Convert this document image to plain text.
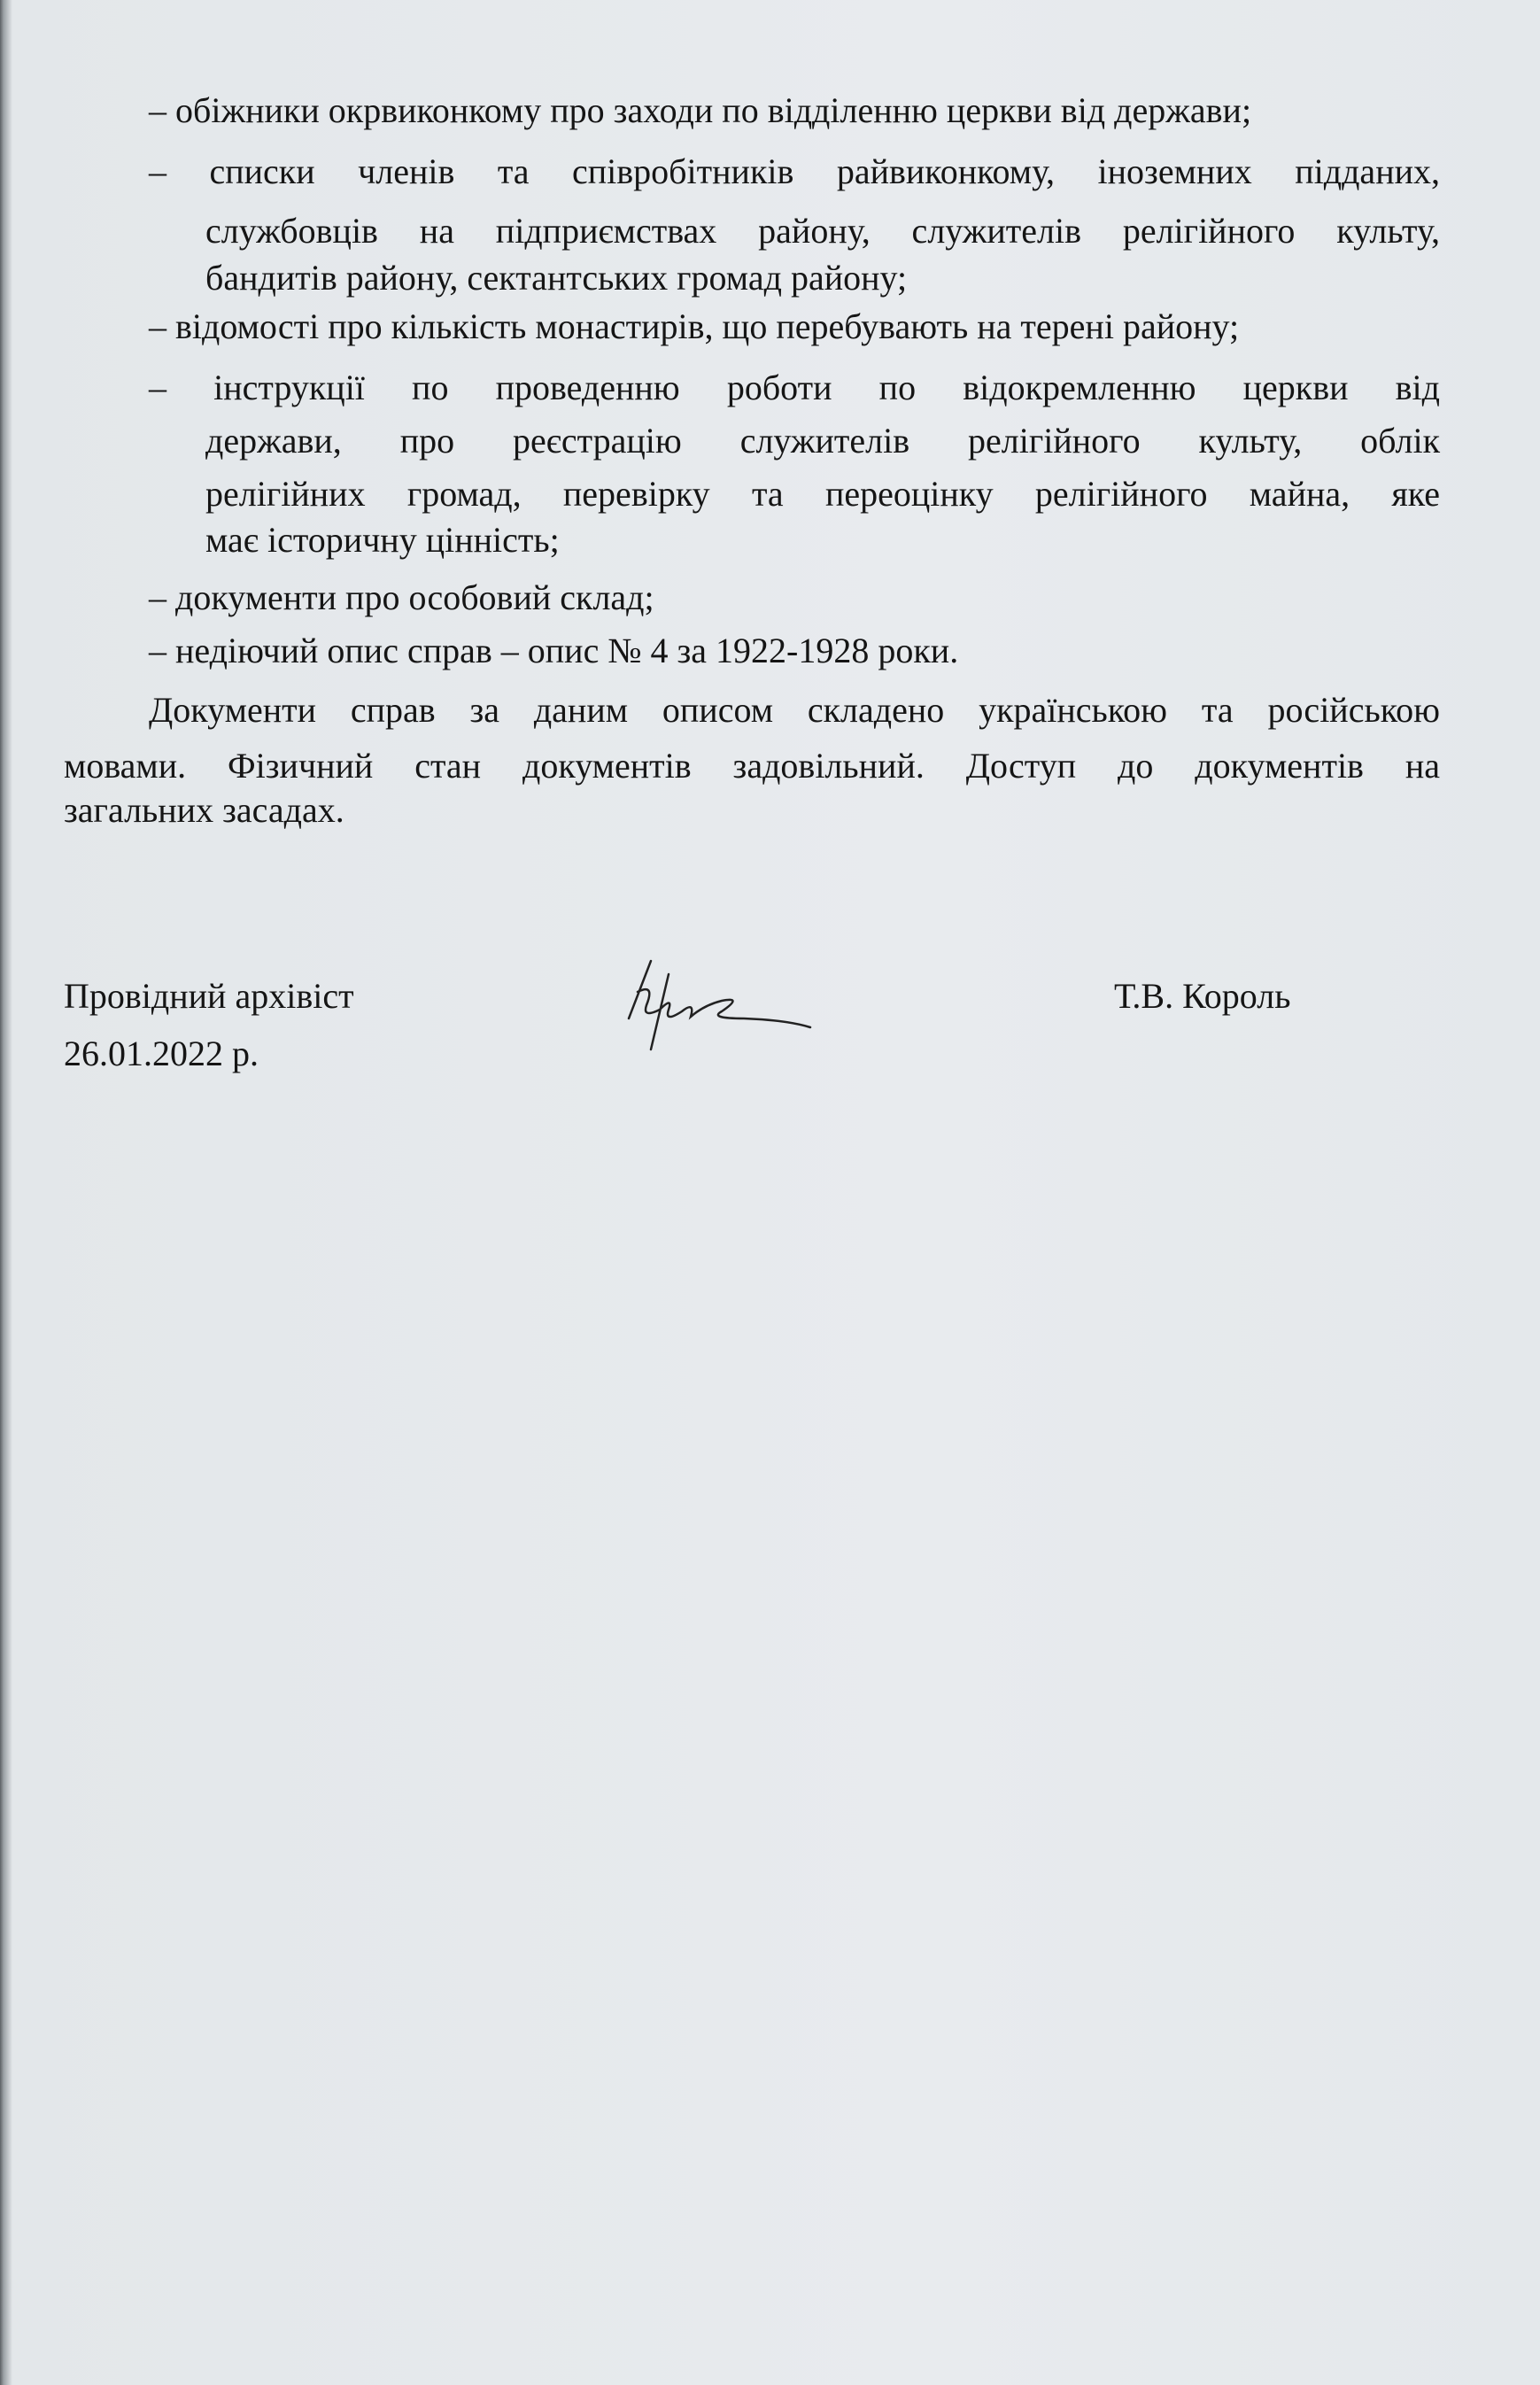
– обіжники окрвиконкому про заходи по відділенню церкви від держави;
– списки членів та співробітників райвиконкому, іноземних підданих,
службовців на підприємствах району, служителів релігійного культу,
бандитів району, сектантських громад району;
– відомості про кількість монастирів, що перебувають на терені району;
– інструкції по проведенню роботи по відокремленню церкви від
держави, про реєстрацію служителів релігійного культу, облік
релігійних громад, перевірку та переоцінку релігійного майна, яке
має історичну цінність;
– документи про особовий склад;
– недіючий опис справ – опис № 4 за 1922-1928 роки.
Документи справ за даним описом складено українською та російською
мовами. Фізичний стан документів задовільний. Доступ до документів на
загальних засадах.
Провідний архівіст	Т.В. Король
26.01.2022 р.
